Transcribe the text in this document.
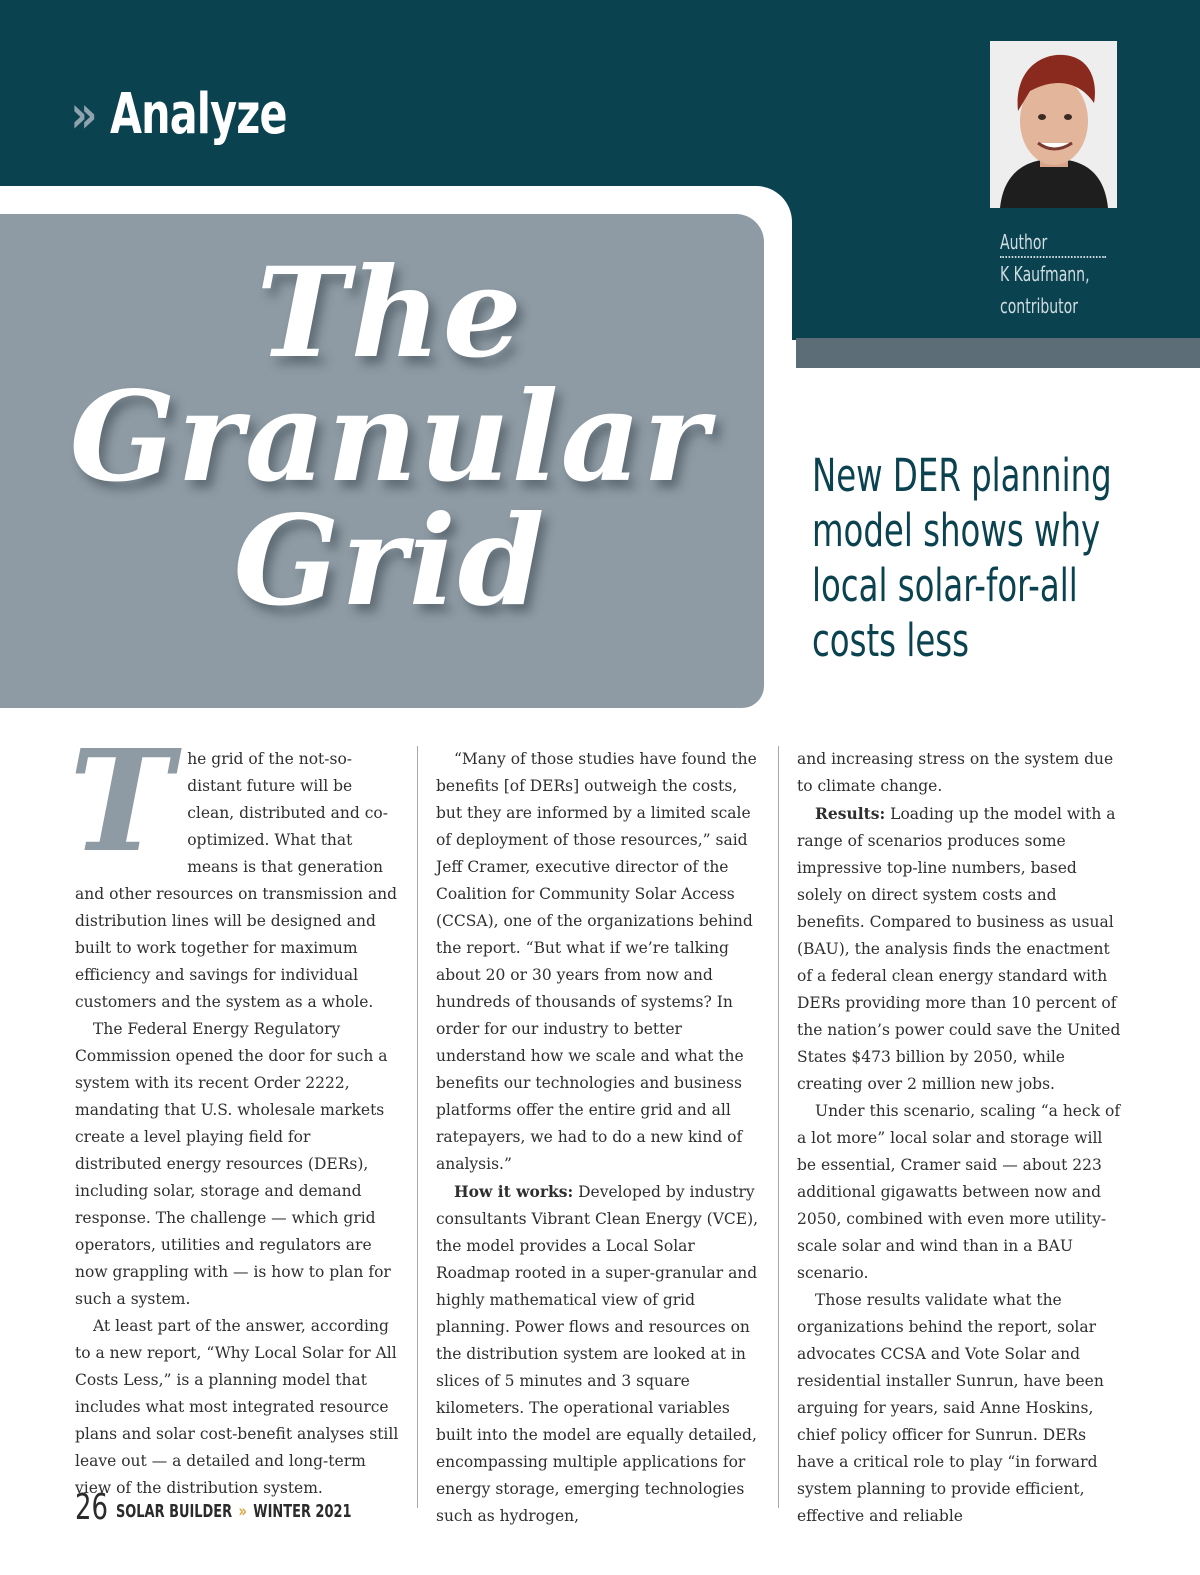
» Analyze
Author
K Kaufmann,
contributor
The
Granular
Grid
New DER planning model shows why local solar-for-all costs less

The grid of the not-so-distant future will be clean, distributed and co-optimized. What that means is that generation and other resources on transmission and distribution lines will be designed and built to work together for maximum efficiency and savings for individual customers and the system as a whole.

The Federal Energy Regulatory Commission opened the door for such a system with its recent Order 2222, mandating that U.S. wholesale markets create a level playing field for distributed energy resources (DERs), including solar, storage and demand response. The challenge — which grid operators, utilities and regulators are now grappling with — is how to plan for such a system.

At least part of the answer, according to a new report, “Why Local Solar for All Costs Less,” is a planning model that includes what most integrated resource plans and solar cost-benefit analyses still leave out — a detailed and long-term view of the distribution system.

“Many of those studies have found the benefits [of DERs] outweigh the costs, but they are informed by a limited scale of deployment of those resources,” said Jeff Cramer, executive director of the Coalition for Community Solar Access (CCSA), one of the organizations behind the report. “But what if we’re talking about 20 or 30 years from now and hundreds of thousands of systems? In order for our industry to better understand how we scale and what the benefits our technologies and business platforms offer the entire grid and all ratepayers, we had to do a new kind of analysis.”

How it works: Developed by industry consultants Vibrant Clean Energy (VCE), the model provides a Local Solar Roadmap rooted in a super-granular and highly mathematical view of grid planning. Power flows and resources on the distribution system are looked at in slices of 5 minutes and 3 square kilometers. The operational variables built into the model are equally detailed, encompassing multiple applications for energy storage, emerging technologies such as hydrogen,

and increasing stress on the system due to climate change.

Results: Loading up the model with a range of scenarios produces some impressive top-line numbers, based solely on direct system costs and benefits. Compared to business as usual (BAU), the analysis finds the enactment of a federal clean energy standard with DERs providing more than 10 percent of the nation’s power could save the United States $473 billion by 2050, while creating over 2 million new jobs.

Under this scenario, scaling “a heck of a lot more” local solar and storage will be essential, Cramer said — about 223 additional gigawatts between now and 2050, combined with even more utility-scale solar and wind than in a BAU scenario.

Those results validate what the organizations behind the report, solar advocates CCSA and Vote Solar and residential installer Sunrun, have been arguing for years, said Anne Hoskins, chief policy officer for Sunrun. DERs have a critical role to play “in forward system planning to provide efficient, effective and reliable

26 SOLAR BUILDER » WINTER 2021
